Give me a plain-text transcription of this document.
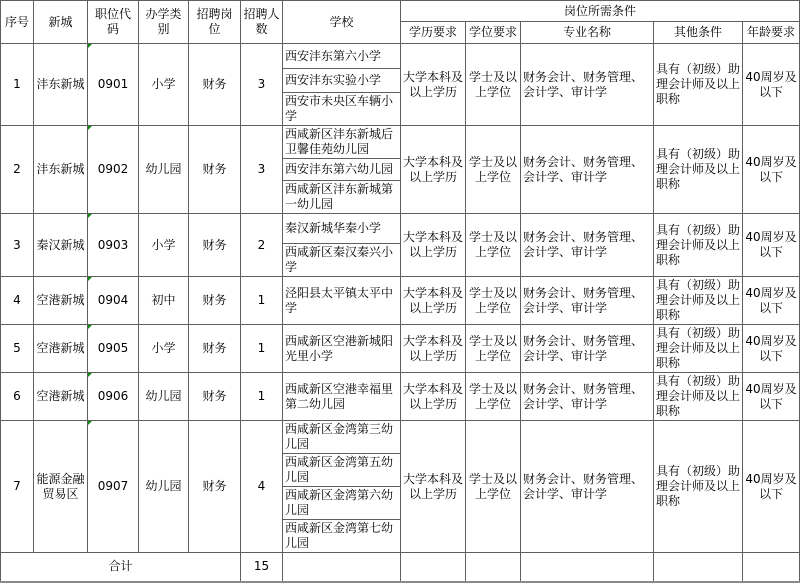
序号	新城	职位代码	办学类别	招聘岗位	招聘人数	学校	岗位所需条件				
							学历要求	学位要求	专业名称	其他条件	年龄要求
1	沣东新城	0901	小学	财务	3	西安沣东第六小学	大学本科及以上学历	学士及以上学位	财务会计、财务管理、会计学、审计学	具有（初级）助理会计师及以上职称	40周岁及以下
						西安沣东实验小学					
						西安市未央区车辆小学					
2	沣东新城	0902	幼儿园	财务	3	西咸新区沣东新城后卫馨佳苑幼儿园	大学本科及以上学历	学士及以上学位	财务会计、财务管理、会计学、审计学	具有（初级）助理会计师及以上职称	40周岁及以下
						西安沣东第六幼儿园					
						西咸新区沣东新城第一幼儿园					
3	秦汉新城	0903	小学	财务	2	秦汉新城华秦小学	大学本科及以上学历	学士及以上学位	财务会计、财务管理、会计学、审计学	具有（初级）助理会计师及以上职称	40周岁及以下
						西咸新区秦汉秦兴小学					
4	空港新城	0904	初中	财务	1	泾阳县太平镇太平中学	大学本科及以上学历	学士及以上学位	财务会计、财务管理、会计学、审计学	具有（初级）助理会计师及以上职称	40周岁及以下
5	空港新城	0905	小学	财务	1	西咸新区空港新城阳光里小学	大学本科及以上学历	学士及以上学位	财务会计、财务管理、会计学、审计学	具有（初级）助理会计师及以上职称	40周岁及以下
6	空港新城	0906	幼儿园	财务	1	西咸新区空港幸福里第二幼儿园	大学本科及以上学历	学士及以上学位	财务会计、财务管理、会计学、审计学	具有（初级）助理会计师及以上职称	40周岁及以下
7	能源金融贸易区	0907	幼儿园	财务	4	西咸新区金湾第三幼儿园	大学本科及以上学历	学士及以上学位	财务会计、财务管理、会计学、审计学	具有（初级）助理会计师及以上职称	40周岁及以下
						西咸新区金湾第五幼儿园					
						西咸新区金湾第六幼儿园					
						西咸新区金湾第七幼儿园					
合计					15						
